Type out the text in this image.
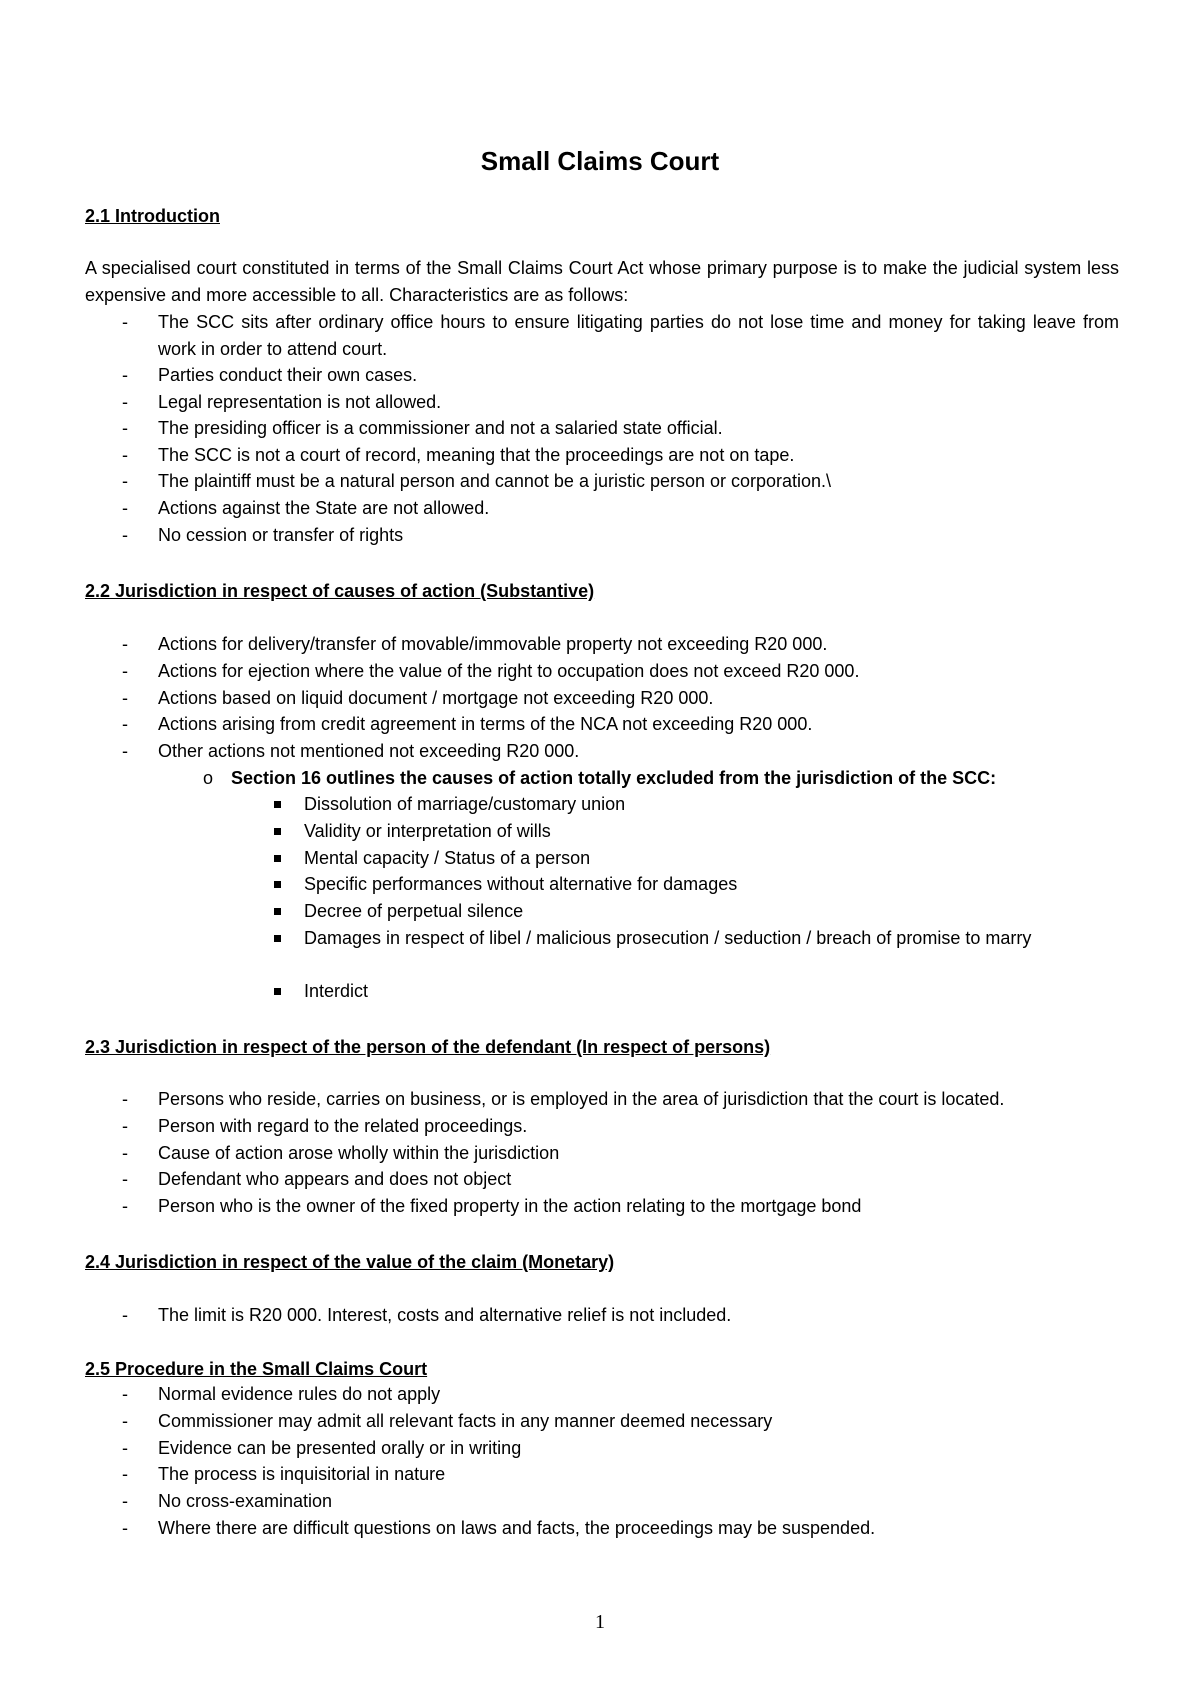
Small Claims Court
2.1 Introduction
A specialised court constituted in terms of the Small Claims Court Act whose primary purpose is to make the judicial system less expensive and more accessible to all. Characteristics are as follows:
- The SCC sits after ordinary office hours to ensure litigating parties do not lose time and money for taking leave from work in order to attend court.
- Parties conduct their own cases.
- Legal representation is not allowed.
- The presiding officer is a commissioner and not a salaried state official.
- The SCC is not a court of record, meaning that the proceedings are not on tape.
- The plaintiff must be a natural person and cannot be a juristic person or corporation.\
- Actions against the State are not allowed.
- No cession or transfer of rights
2.2 Jurisdiction in respect of causes of action (Substantive)
- Actions for delivery/transfer of movable/immovable property not exceeding R20 000.
- Actions for ejection where the value of the right to occupation does not exceed R20 000.
- Actions based on liquid document / mortgage not exceeding R20 000.
- Actions arising from credit agreement in terms of the NCA not exceeding R20 000.
- Other actions not mentioned not exceeding R20 000.
o Section 16 outlines the causes of action totally excluded from the jurisdiction of the SCC:
Dissolution of marriage/customary union
Validity or interpretation of wills
Mental capacity / Status of a person
Specific performances without alternative for damages
Decree of perpetual silence
Damages in respect of libel / malicious prosecution / seduction / breach of promise to marry
Interdict
2.3 Jurisdiction in respect of the person of the defendant (In respect of persons)
- Persons who reside, carries on business, or is employed in the area of jurisdiction that the court is located.
- Person with regard to the related proceedings.
- Cause of action arose wholly within the jurisdiction
- Defendant who appears and does not object
- Person who is the owner of the fixed property in the action relating to the mortgage bond
2.4 Jurisdiction in respect of the value of the claim (Monetary)
- The limit is R20 000. Interest, costs and alternative relief is not included.
2.5 Procedure in the Small Claims Court
- Normal evidence rules do not apply
- Commissioner may admit all relevant facts in any manner deemed necessary
- Evidence can be presented orally or in writing
- The process is inquisitorial in nature
- No cross-examination
- Where there are difficult questions on laws and facts, the proceedings may be suspended.
1
